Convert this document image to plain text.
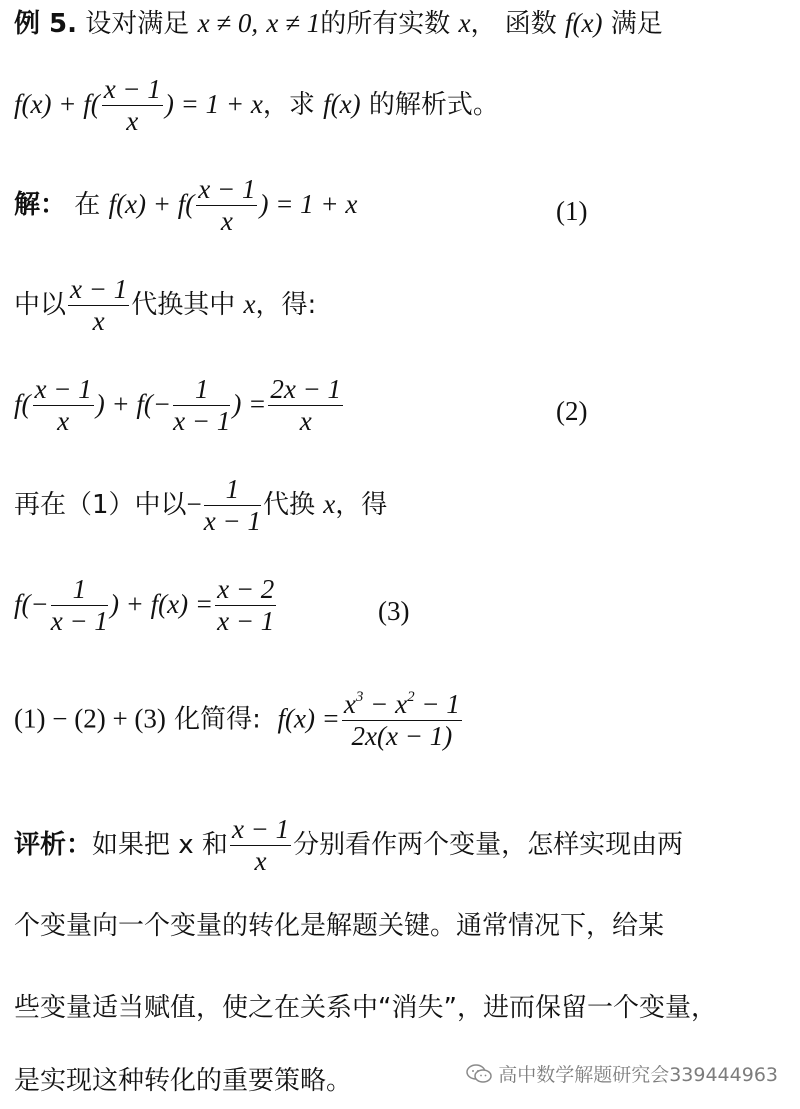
例 5. 设对满足 x ≠ 0, x ≠ 1的所有实数 x， 函数 f(x) 满足
$f(x) + f( \frac{x - 1}{x}$ ) = 1 + x，求 f(x) 的解析式。
解： 在 $f(x) + f( \frac{x - 1}{x}$ ) = 1 + x	(1)
中以 $\frac{x - 1}{x}$ 代换其中 x，得:
$f( \frac{x - 1}{x}$ ) + $f(- \frac{1}{x - 1}$ ) = $\frac{2x - 1}{x}$	(2)
再在（1）中以− $\frac{1}{x - 1}$ 代换 x，得
$f(- \frac{1}{x - 1}$ ) + $f(x) = \frac{x - 2}{x - 1}$	(3)
(1) − (2) + (3) 化简得: $f(x) = \frac{x^3 - x^2 - 1}{2x(x - 1)}$
评析：如果把 x 和 $\frac{x - 1}{x}$ 分别看作两个变量，怎样实现由两
个变量向一个变量的转化是解题关键。通常情况下，给某
些变量适当赋值，使之在关系中“消失”，进而保留一个变量，
是实现这种转化的重要策略。	高中数学解题研究会339444963
